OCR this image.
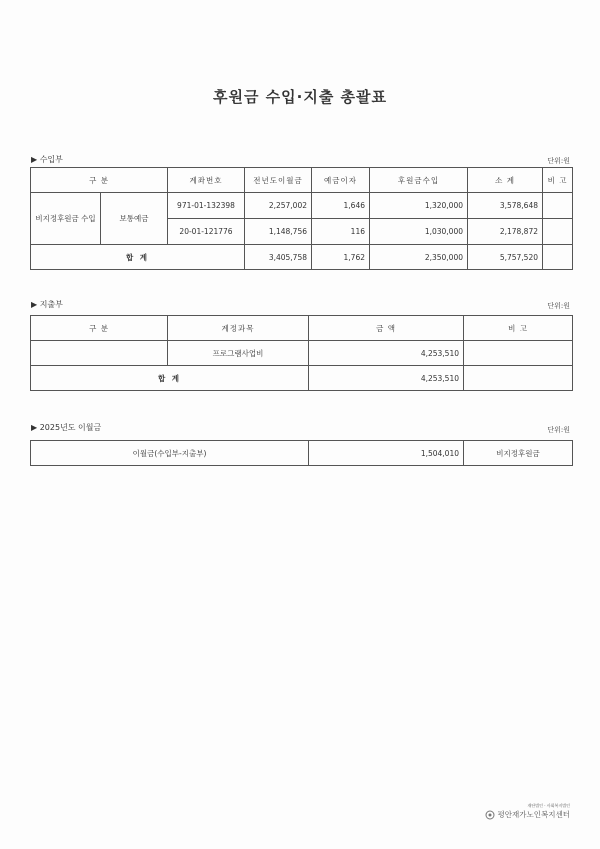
후원금 수입·지출 총괄표
▶ 수입부	단위:원
구 분		계좌번호	전년도이월금	예금이자	후원금수입	소 계	비 고
비지정후원금 수입	보통예금	971-01-132398	2,257,002	1,646	1,320,000	3,578,648	
		20-01-121776	1,148,756	116	1,030,000	2,178,872	
합 계			3,405,758	1,762	2,350,000	5,757,520	
▶ 지출부	단위:원
구 분	계정과목	금 액	비 고
	프로그램사업비	4,253,510	
합 계		4,253,510	
▶ 2025년도 이월금	단위:원
이월금(수입부-지출부)	1,504,010	비지정후원금
재단법인 · 사회복지법인
평안재가노인복지센터
